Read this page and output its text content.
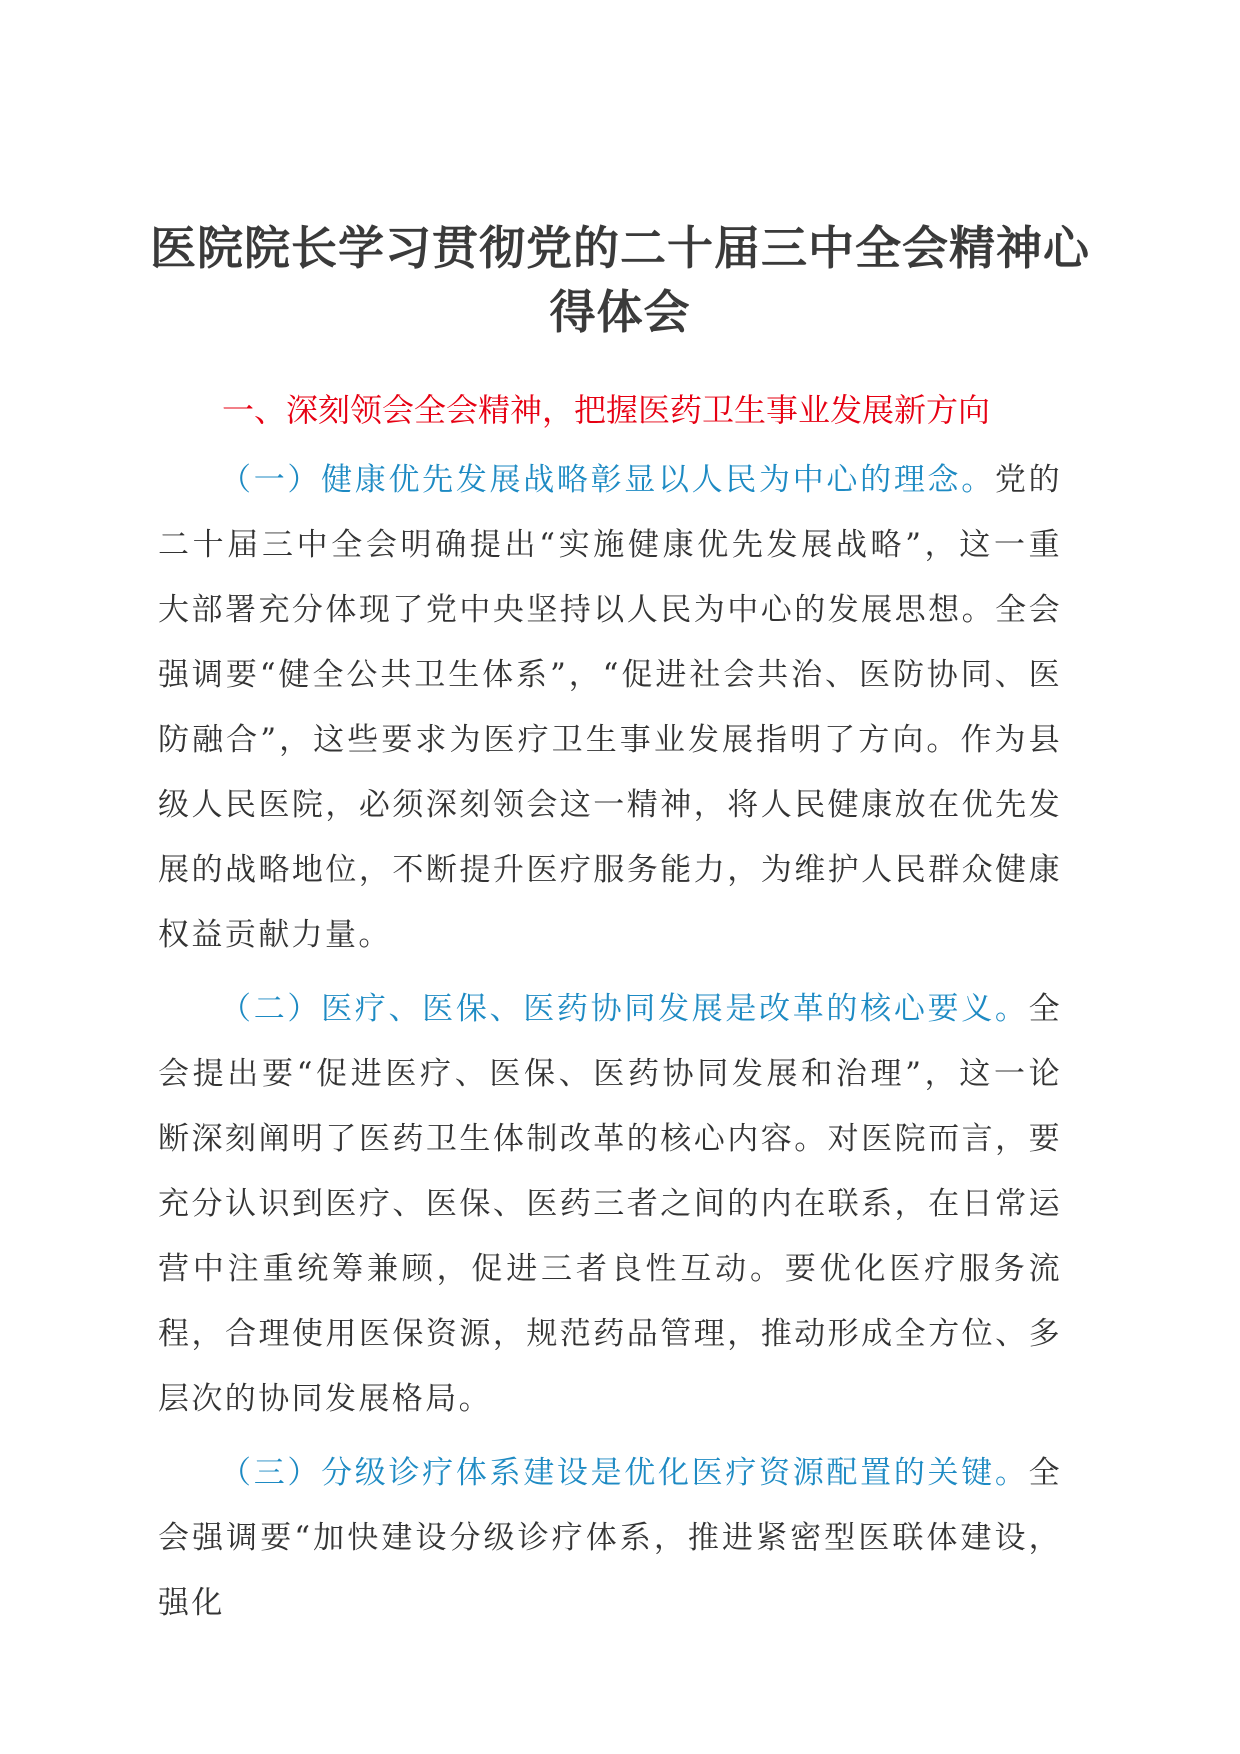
医院院长学习贯彻党的二十届三中全会精神心得体会
一、深刻领会全会精神，把握医药卫生事业发展新方向

（一）健康优先发展战略彰显以人民为中心的理念。党的二十届三中全会明确提出“实施健康优先发展战略”，这一重大部署充分体现了党中央坚持以人民为中心的发展思想。全会强调要“健全公共卫生体系”，“促进社会共治、医防协同、医防融合”，这些要求为医疗卫生事业发展指明了方向。作为县级人民医院，必须深刻领会这一精神，将人民健康放在优先发展的战略地位，不断提升医疗服务能力，为维护人民群众健康权益贡献力量。

（二）医疗、医保、医药协同发展是改革的核心要义。全会提出要“促进医疗、医保、医药协同发展和治理”，这一论断深刻阐明了医药卫生体制改革的核心内容。对医院而言，要充分认识到医疗、医保、医药三者之间的内在联系，在日常运营中注重统筹兼顾，促进三者良性互动。要优化医疗服务流程，合理使用医保资源，规范药品管理，推动形成全方位、多层次的协同发展格局。

（三）分级诊疗体系建设是优化医疗资源配置的关键。全会强调要“加快建设分级诊疗体系，推进紧密型医联体建设，强化
